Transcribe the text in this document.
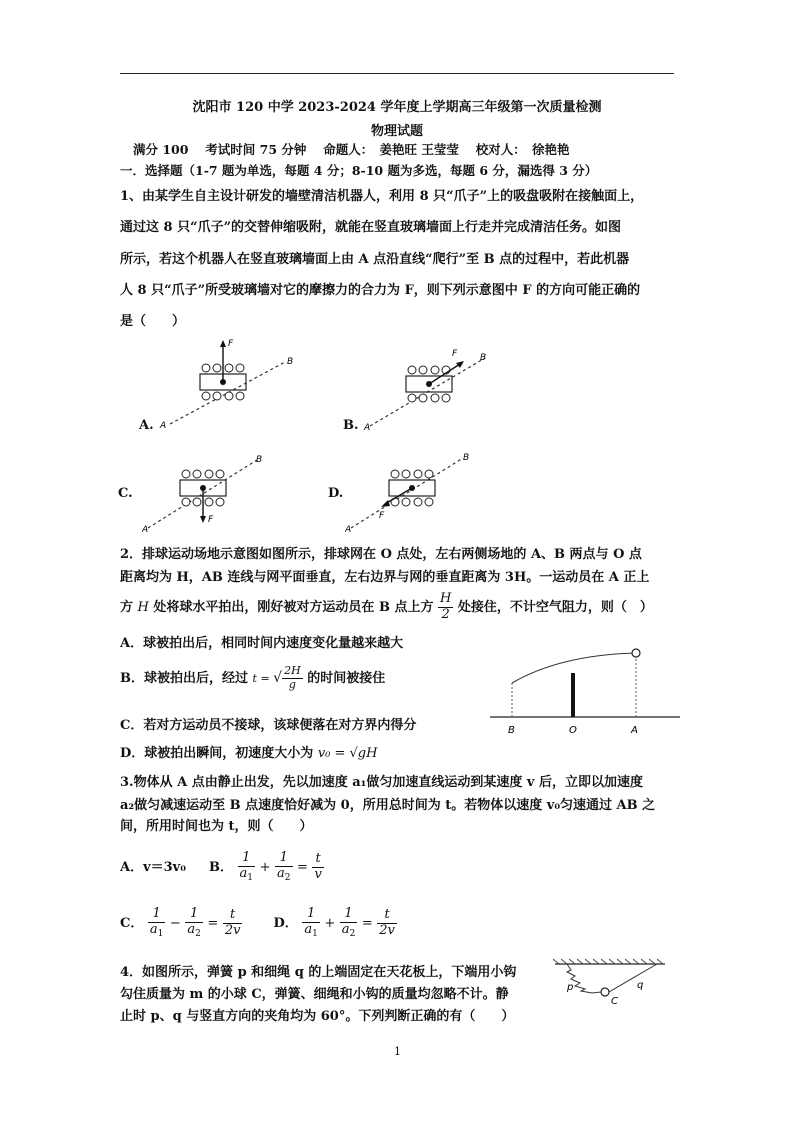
沈阳市 120 中学 2023-2024 学年度上学期高三年级第一次质量检测
物理试题
满分 100　 考试时间 75 分钟　 命题人：　姜艳旺 王莹莹　 校对人：　徐艳艳
一．选择题（1-7 题为单选，每题 4 分；8-10 题为多选，每题 6 分，漏选得 3 分）
1、由某学生自主设计研发的墙壁清洁机器人，利用 8 只“爪子”上的吸盘吸附在接触面上，
通过这 8 只“爪子”的交替伸缩吸附，就能在竖直玻璃墙面上行走并完成清洁任务。如图
所示，若这个机器人在竖直玻璃墙面上由 A 点沿直线“爬行”至 B 点的过程中，若此机器
人 8 只“爪子”所受玻璃墙对它的摩擦力的合力为 F，则下列示意图中 F 的方向可能正确的
是（　　）
A
B
F
A.	A
B
F
B.
A
B
F
C.
A
B
F
D.
2．排球运动场地示意图如图所示，排球网在 O 点处，左右两侧场地的 A、B 两点与 O 点
距离均为 H，AB 连线与网平面垂直，左右边界与网的垂直距离为 3H。一运动员在 A 正上
方 H 处将球水平拍出，刚好被对方运动员在 B 点上方 $\frac{H}{2}$ 处接住，不计空气阻力，则（　）
A．球被拍出后，相同时间内速度变化量越来越大
B．球被拍出后，经过 t = √ $\frac{2H}{g}$ 的时间被接住
C．若对方运动员不接球，该球便落在对方界内得分
D．球被拍出瞬间，初速度大小为 v₀ = √gH
B	O	A
3.物体从 A 点由静止出发，先以加速度 a₁做匀加速直线运动到某速度 v 后，立即以加速度
a₂做匀减速运动至 B 点速度恰好减为 0，所用总时间为 t。若物体以速度 v₀匀速通过 AB 之
间，所用时间也为 t，则（　　）
A．v＝3v₀ B． $\frac{1}{a_1} + \frac{1}{a_2} = \frac{t}{v}$
C． $\frac{1}{a_1} - \frac{1}{a_2} = \frac{t}{2v}$ D． $\frac{1}{a_1} + \frac{1}{a_2} = \frac{t}{2v}$
4．如图所示，弹簧 p 和细绳 q 的上端固定在天花板上，下端用小钩
勾住质量为 m 的小球 C，弹簧、细绳和小钩的质量均忽略不计。静
止时 p、q 与竖直方向的夹角均为 60°。下列判断正确的有（　　）
p
C
q
1
